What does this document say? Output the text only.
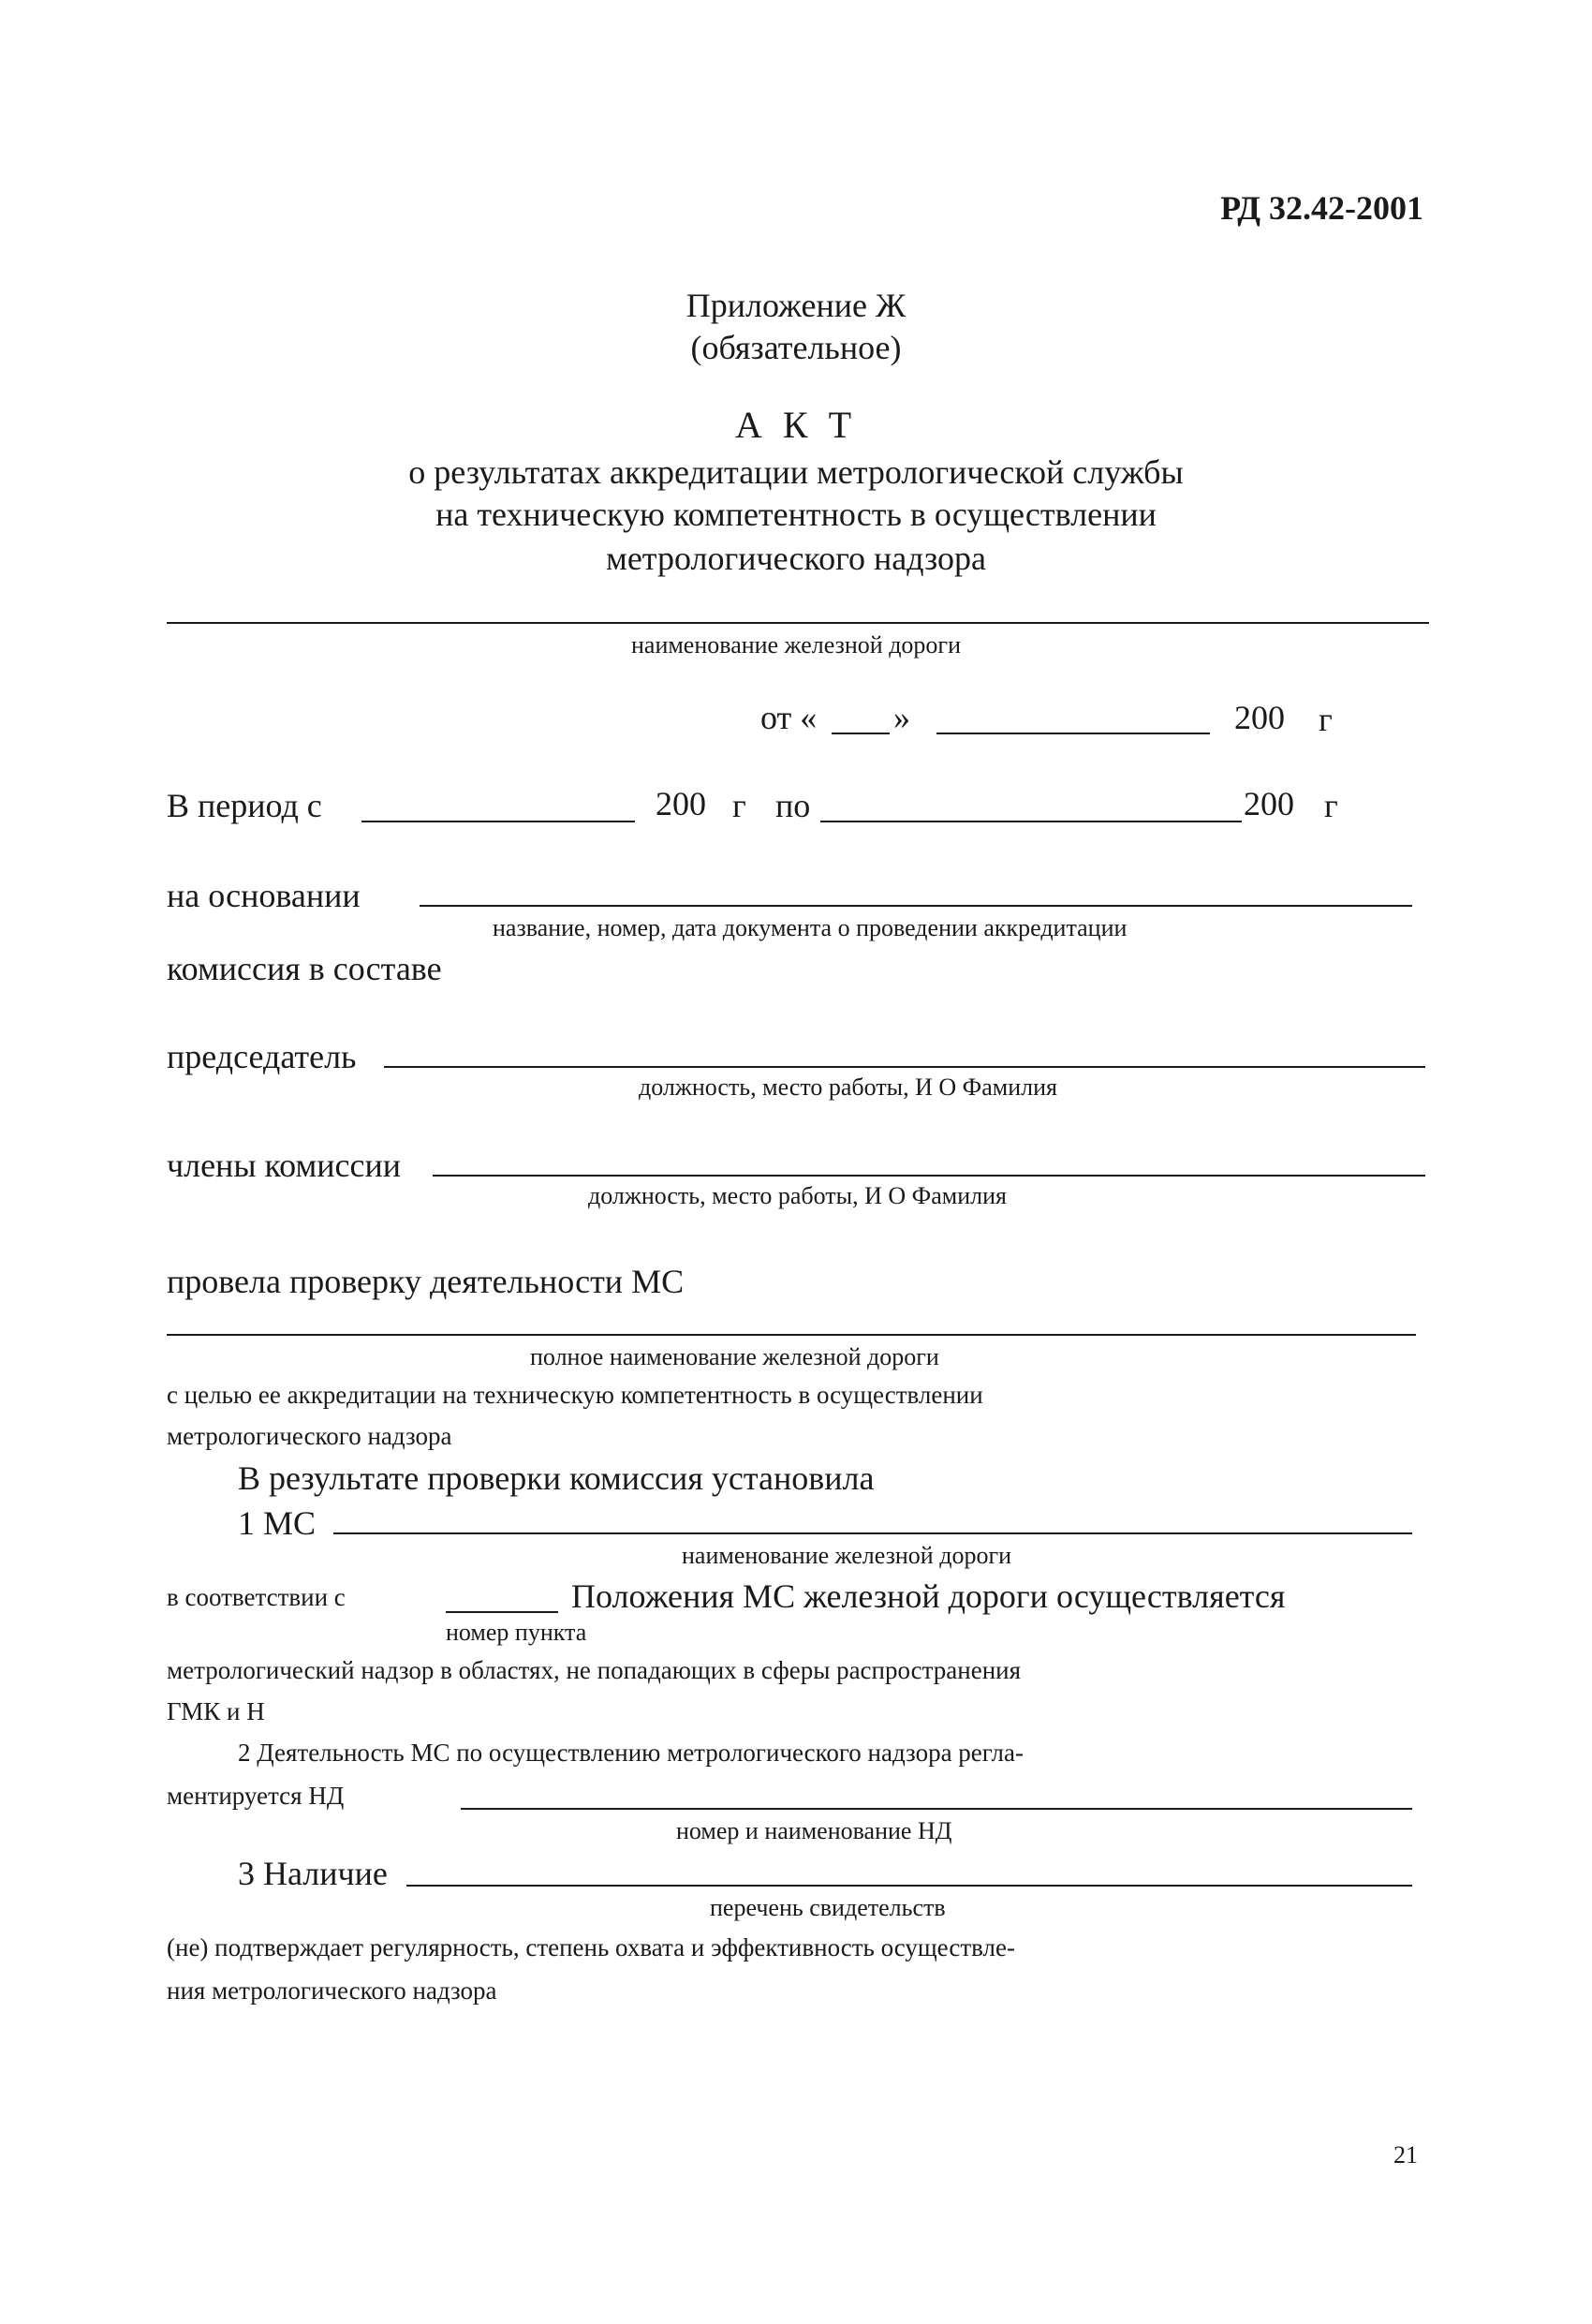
РД 32.42-2001
Приложение Ж
(обязательное)
А К Т
о результатах аккредитации метрологической службы
на техническую компетентность в осуществлении
метрологического надзора
наименование железной дороги
от « »	200 г
В период с	200 г по	200 г
на основании
название, номер, дата документа о проведении аккредитации
комиссия в составе
председатель
должность, место работы, И О Фамилия
члены комиссии
должность, место работы, И О Фамилия
провела проверку деятельности МС
полное наименование железной дороги
с целью ее аккредитации на техническую компетентность в осуществлении
метрологического надзора
В результате проверки комиссия установила
1 МС
наименование железной дороги
в соответствии с	Положения МС железной дороги осуществляется
номер пункта
метрологический надзор в областях, не попадающих в сферы распространения
ГМК и Н
2 Деятельность МС по осуществлению метрологического надзора регла-
ментируется НД
номер и наименование НД
3 Наличие
перечень свидетельств
(не) подтверждает регулярность, степень охвата и эффективность осуществле-
ния метрологического надзора
21
